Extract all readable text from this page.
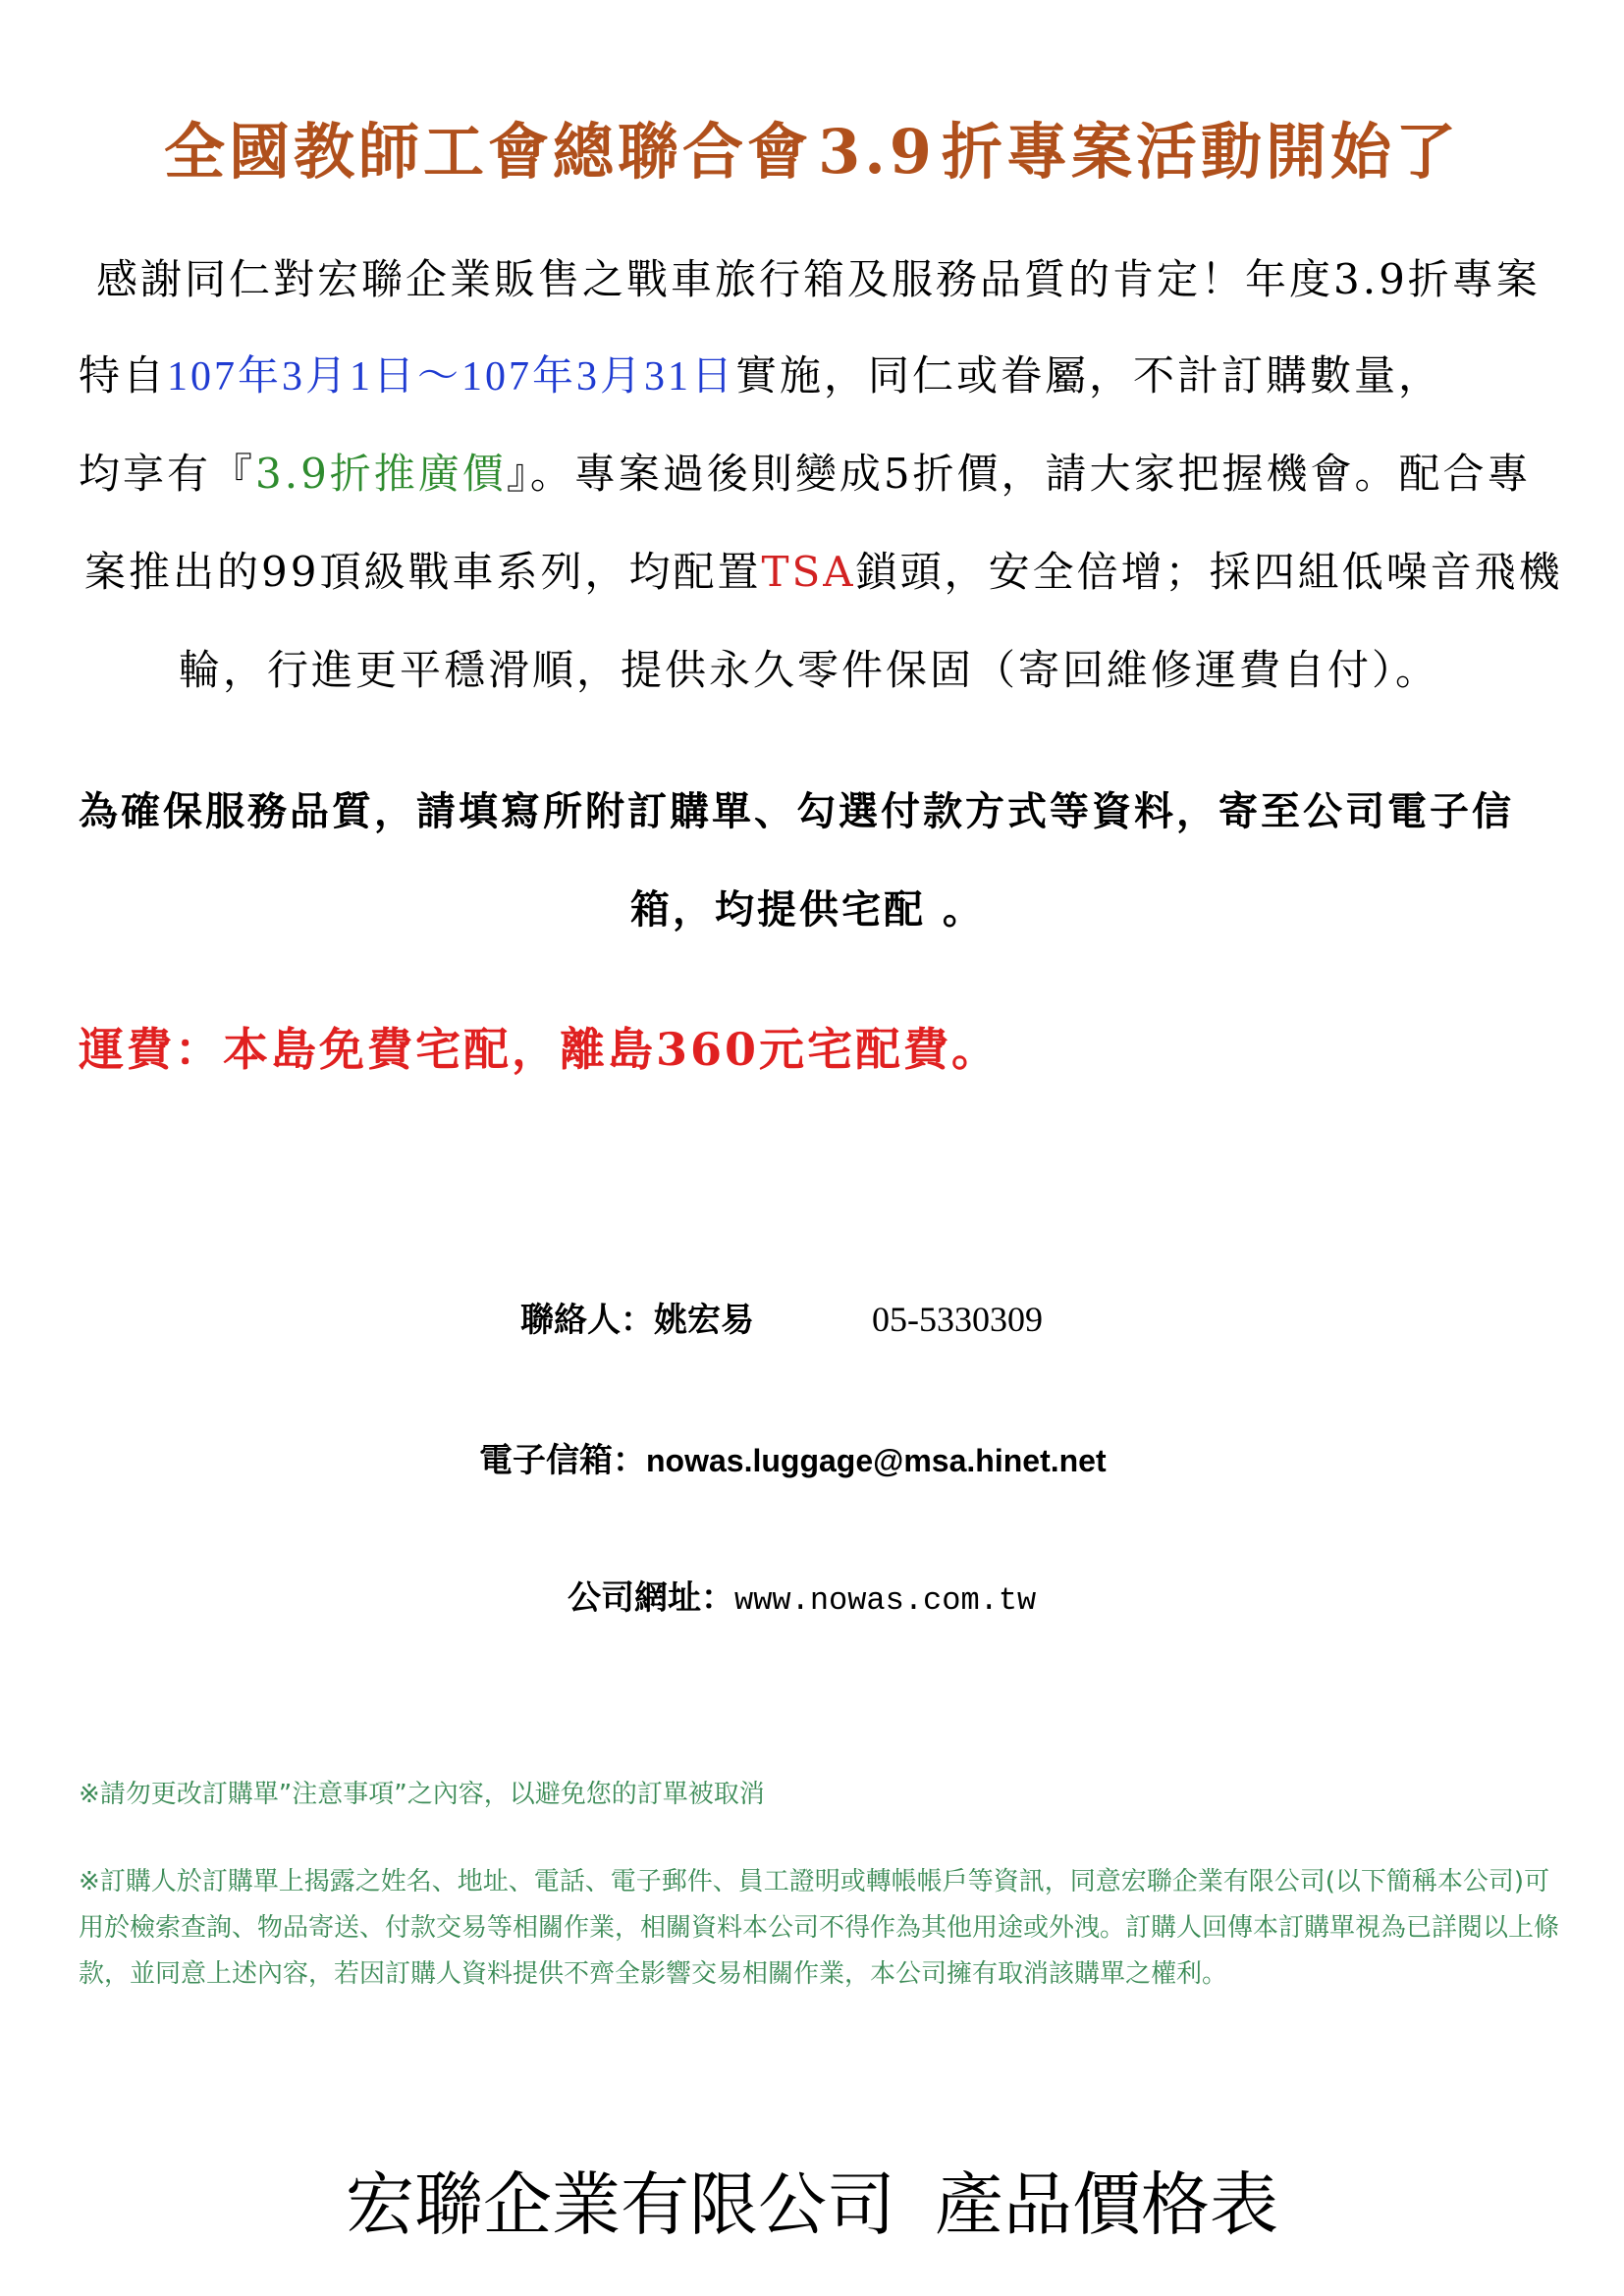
全國教師工會總聯合會3.9折專案活動開始了
感謝同仁對宏聯企業販售之戰車旅行箱及服務品質的肯定！年度3.9折專案
特自107年3月1日～107年3月31日實施，同仁或眷屬，不計訂購數量，
均享有『3.9折推廣價』。專案過後則變成5折價，請大家把握機會。配合專
案推出的99頂級戰車系列，均配置TSA鎖頭，安全倍增；採四組低噪音飛機
輪，行進更平穩滑順，提供永久零件保固（寄回維修運費自付）。
為確保服務品質，請填寫所附訂購單、勾選付款方式等資料，寄至公司電子信
箱，均提供宅配 。
運費：本島免費宅配，離島360元宅配費。
聯絡人：姚宏易	05-5330309
電子信箱：nowas.luggage@msa.hinet.net
公司網址：www.nowas.com.tw
※請勿更改訂購單”注意事項”之內容，以避免您的訂單被取消
※訂購人於訂購單上揭露之姓名、地址、電話、電子郵件、員工證明或轉帳帳戶等資訊，同意宏聯企業有限公司(以下簡稱本公司)可用於檢索查詢、物品寄送、付款交易等相關作業，相關資料本公司不得作為其他用途或外洩。訂購人回傳本訂購單視為已詳閱以上條款，並同意上述內容，若因訂購人資料提供不齊全影響交易相關作業，本公司擁有取消該購單之權利。
宏聯企業有限公司 產品價格表
